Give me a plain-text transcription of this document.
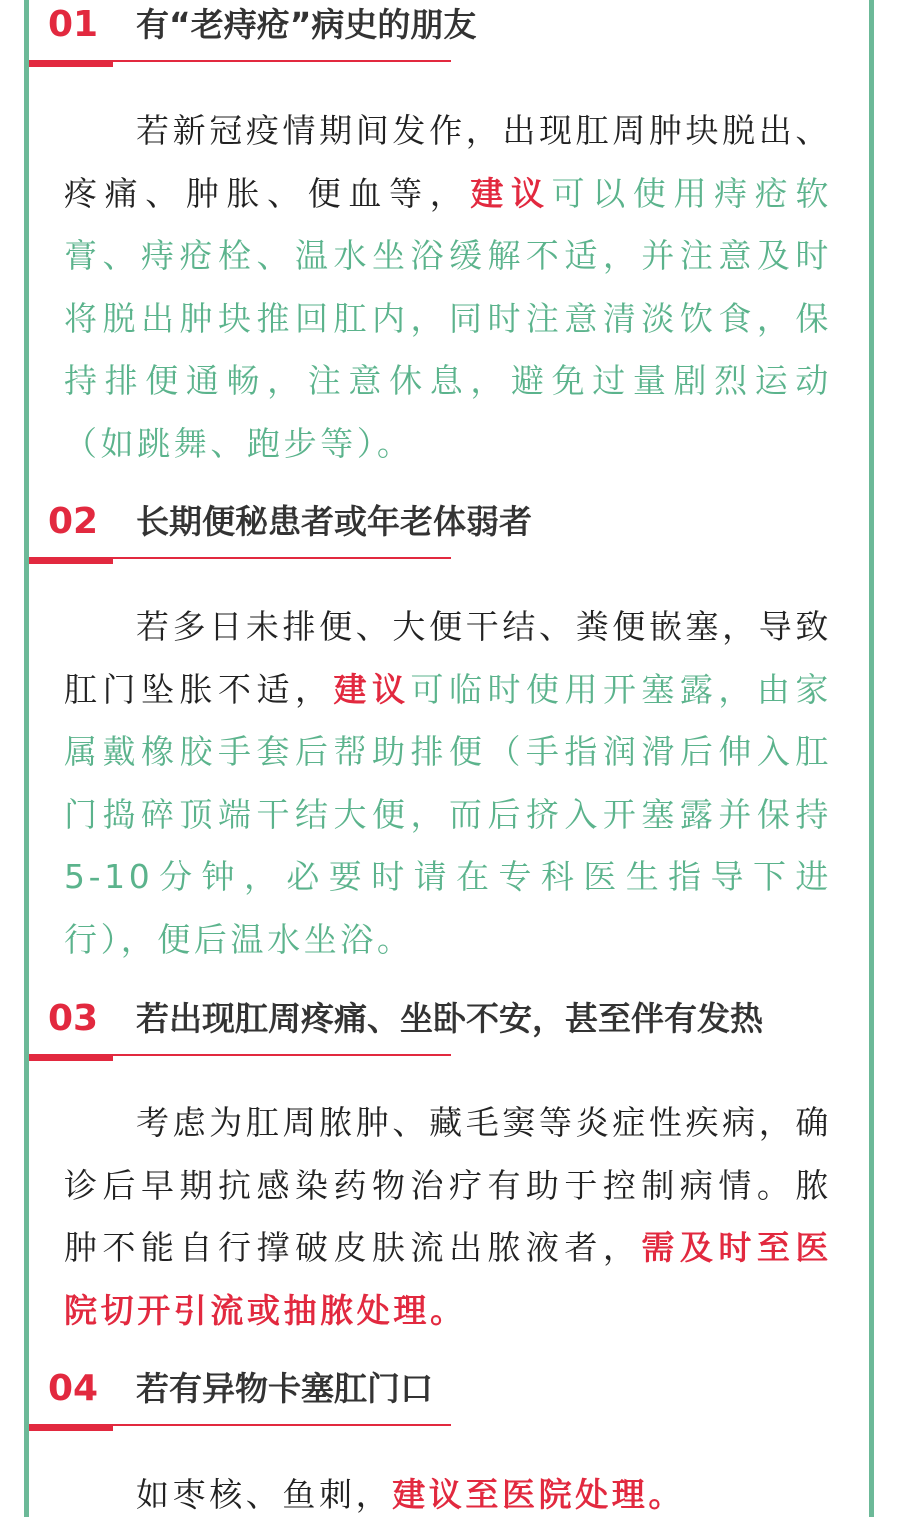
01 有“老痔疮”病史的朋友
若新冠疫情期间发作，出现肛周肿块脱出、疼痛、肿胀、便血等，建议可以使用痔疮软膏、痔疮栓、温水坐浴缓解不适，并注意及时将脱出肿块推回肛内，同时注意清淡饮食，保持排便通畅，注意休息，避免过量剧烈运动（如跳舞、跑步等）。
02 长期便秘患者或年老体弱者
若多日未排便、大便干结、粪便嵌塞，导致肛门坠胀不适，建议可临时使用开塞露，由家属戴橡胶手套后帮助排便（手指润滑后伸入肛门捣碎顶端干结大便，而后挤入开塞露并保持5-10分钟，必要时请在专科医生指导下进行），便后温水坐浴。
03 若出现肛周疼痛、坐卧不安，甚至伴有发热
考虑为肛周脓肿、藏毛窦等炎症性疾病，确诊后早期抗感染药物治疗有助于控制病情。脓肿不能自行撑破皮肤流出脓液者，需及时至医院切开引流或抽脓处理。
04 若有异物卡塞肛门口
如枣核、鱼刺，建议至医院处理。
